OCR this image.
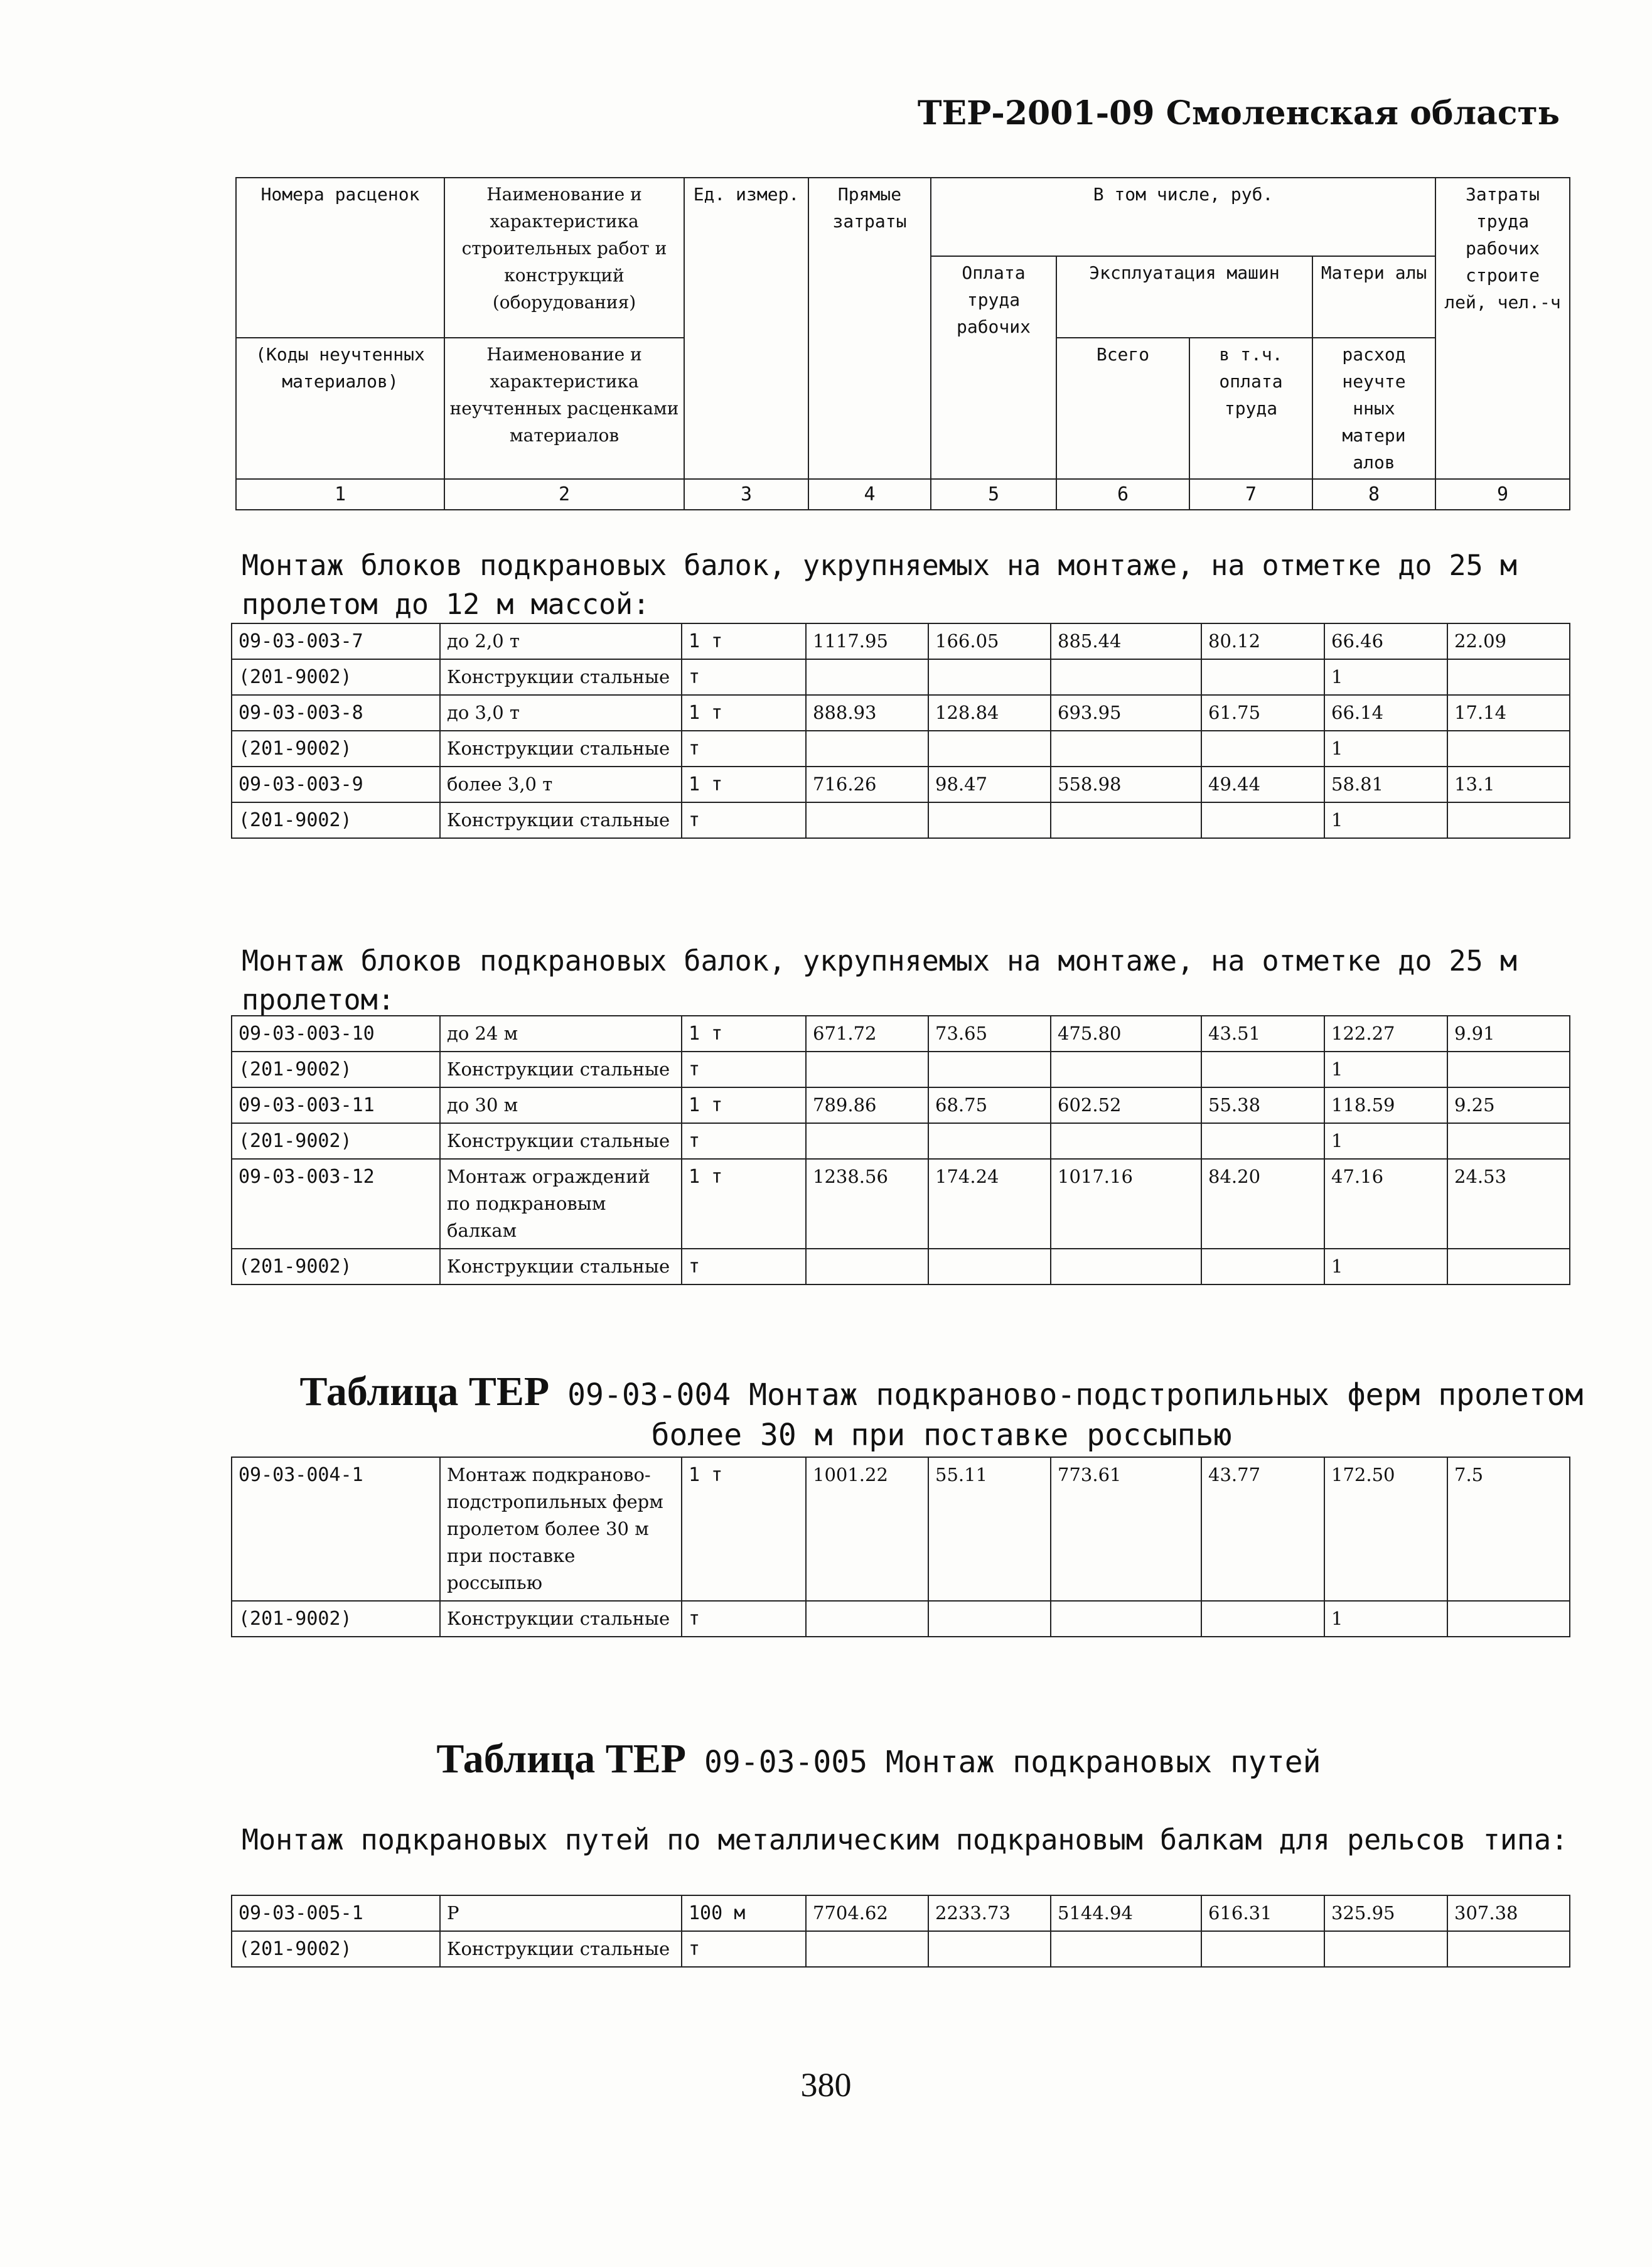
ТЕР-2001-09 Смоленская область
Номера расценок	Наименование и характеристика строительных работ и конструкций (оборудования)	Ед. измер.	Прямые затраты	В том числе, руб.				Затраты труда рабочих строите лей, чел.-ч
				Оплата труда рабочих	Эксплуатация машин		Матери алы	
(Коды неучтенных материалов)	Наименование и характеристика неучтенных расценками материалов				Всего	в т.ч. оплата труда	расход неучте нных матери алов	
1	2	3	4	5	6	7	8	9
Монтаж блоков подкрановых балок, укрупняемых на монтаже, на отметке до 25 м пролетом до 12 м массой:
09-03-003-7	до 2,0 т	1 т	1117.95	166.05	885.44	80.12	66.46	22.09
(201-9002)	Конструкции стальные	т					1	
09-03-003-8	до 3,0 т	1 т	888.93	128.84	693.95	61.75	66.14	17.14
(201-9002)	Конструкции стальные	т					1	
09-03-003-9	более 3,0 т	1 т	716.26	98.47	558.98	49.44	58.81	13.1
(201-9002)	Конструкции стальные	т					1	
Монтаж блоков подкрановых балок, укрупняемых на монтаже, на отметке до 25 м пролетом:
09-03-003-10	до 24 м	1 т	671.72	73.65	475.80	43.51	122.27	9.91
(201-9002)	Конструкции стальные	т					1	
09-03-003-11	до 30 м	1 т	789.86	68.75	602.52	55.38	118.59	9.25
(201-9002)	Конструкции стальные	т					1	
09-03-003-12	Монтаж ограждений по подкрановым балкам	1 т	1238.56	174.24	1017.16	84.20	47.16	24.53
(201-9002)	Конструкции стальные	т					1	
Таблица ТЕР 09-03-004 Монтаж подкраново-подстропильных ферм пролетом более 30 м при поставке россыпью
09-03-004-1	Монтаж подкраново-подстропильных ферм пролетом более 30 м при поставке россыпью	1 т	1001.22	55.11	773.61	43.77	172.50	7.5
(201-9002)	Конструкции стальные	т					1	
Таблица ТЕР 09-03-005 Монтаж подкрановых путей
Монтаж подкрановых путей по металлическим подкрановым балкам для рельсов типа:
09-03-005-1	Р	100 м	7704.62	2233.73	5144.94	616.31	325.95	307.38
(201-9002)	Конструкции стальные	т						
380
